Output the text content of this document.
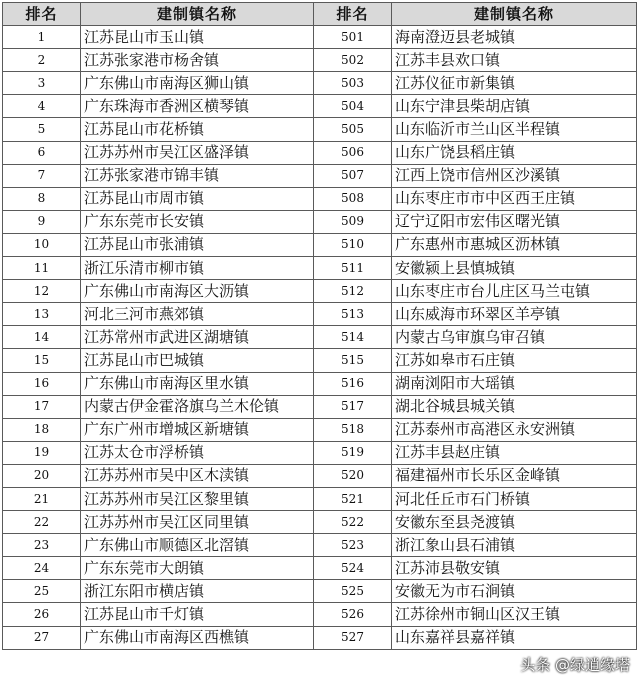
排名	建制镇名称	排名	建制镇名称
1	江苏昆山市玉山镇	501	海南澄迈县老城镇
2	江苏张家港市杨舍镇	502	江苏丰县欢口镇
3	广东佛山市南海区狮山镇	503	江苏仪征市新集镇
4	广东珠海市香洲区横琴镇	504	山东宁津县柴胡店镇
5	江苏昆山市花桥镇	505	山东临沂市兰山区半程镇
6	江苏苏州市吴江区盛泽镇	506	山东广饶县稻庄镇
7	江苏张家港市锦丰镇	507	江西上饶市信州区沙溪镇
8	江苏昆山市周市镇	508	山东枣庄市市中区西王庄镇
9	广东东莞市长安镇	509	辽宁辽阳市宏伟区曙光镇
10	江苏昆山市张浦镇	510	广东惠州市惠城区沥林镇
11	浙江乐清市柳市镇	511	安徽颍上县慎城镇
12	广东佛山市南海区大沥镇	512	山东枣庄市台儿庄区马兰屯镇
13	河北三河市燕郊镇	513	山东威海市环翠区羊亭镇
14	江苏常州市武进区湖塘镇	514	内蒙古乌审旗乌审召镇
15	江苏昆山市巴城镇	515	江苏如皋市石庄镇
16	广东佛山市南海区里水镇	516	湖南浏阳市大瑶镇
17	内蒙古伊金霍洛旗乌兰木伦镇	517	湖北谷城县城关镇
18	广东广州市增城区新塘镇	518	江苏泰州市高港区永安洲镇
19	江苏太仓市浮桥镇	519	江苏丰县赵庄镇
20	江苏苏州市吴中区木渎镇	520	福建福州市长乐区金峰镇
21	江苏苏州市吴江区黎里镇	521	河北任丘市石门桥镇
22	江苏苏州市吴江区同里镇	522	安徽东至县尧渡镇
23	广东佛山市顺德区北滘镇	523	浙江象山县石浦镇
24	广东东莞市大朗镇	524	江苏沛县敬安镇
25	浙江东阳市横店镇	525	安徽无为市石涧镇
26	江苏昆山市千灯镇	526	江苏徐州市铜山区汉王镇
27	广东佛山市南海区西樵镇	527	山东嘉祥县嘉祥镇
头条 @绿逍缘塔
